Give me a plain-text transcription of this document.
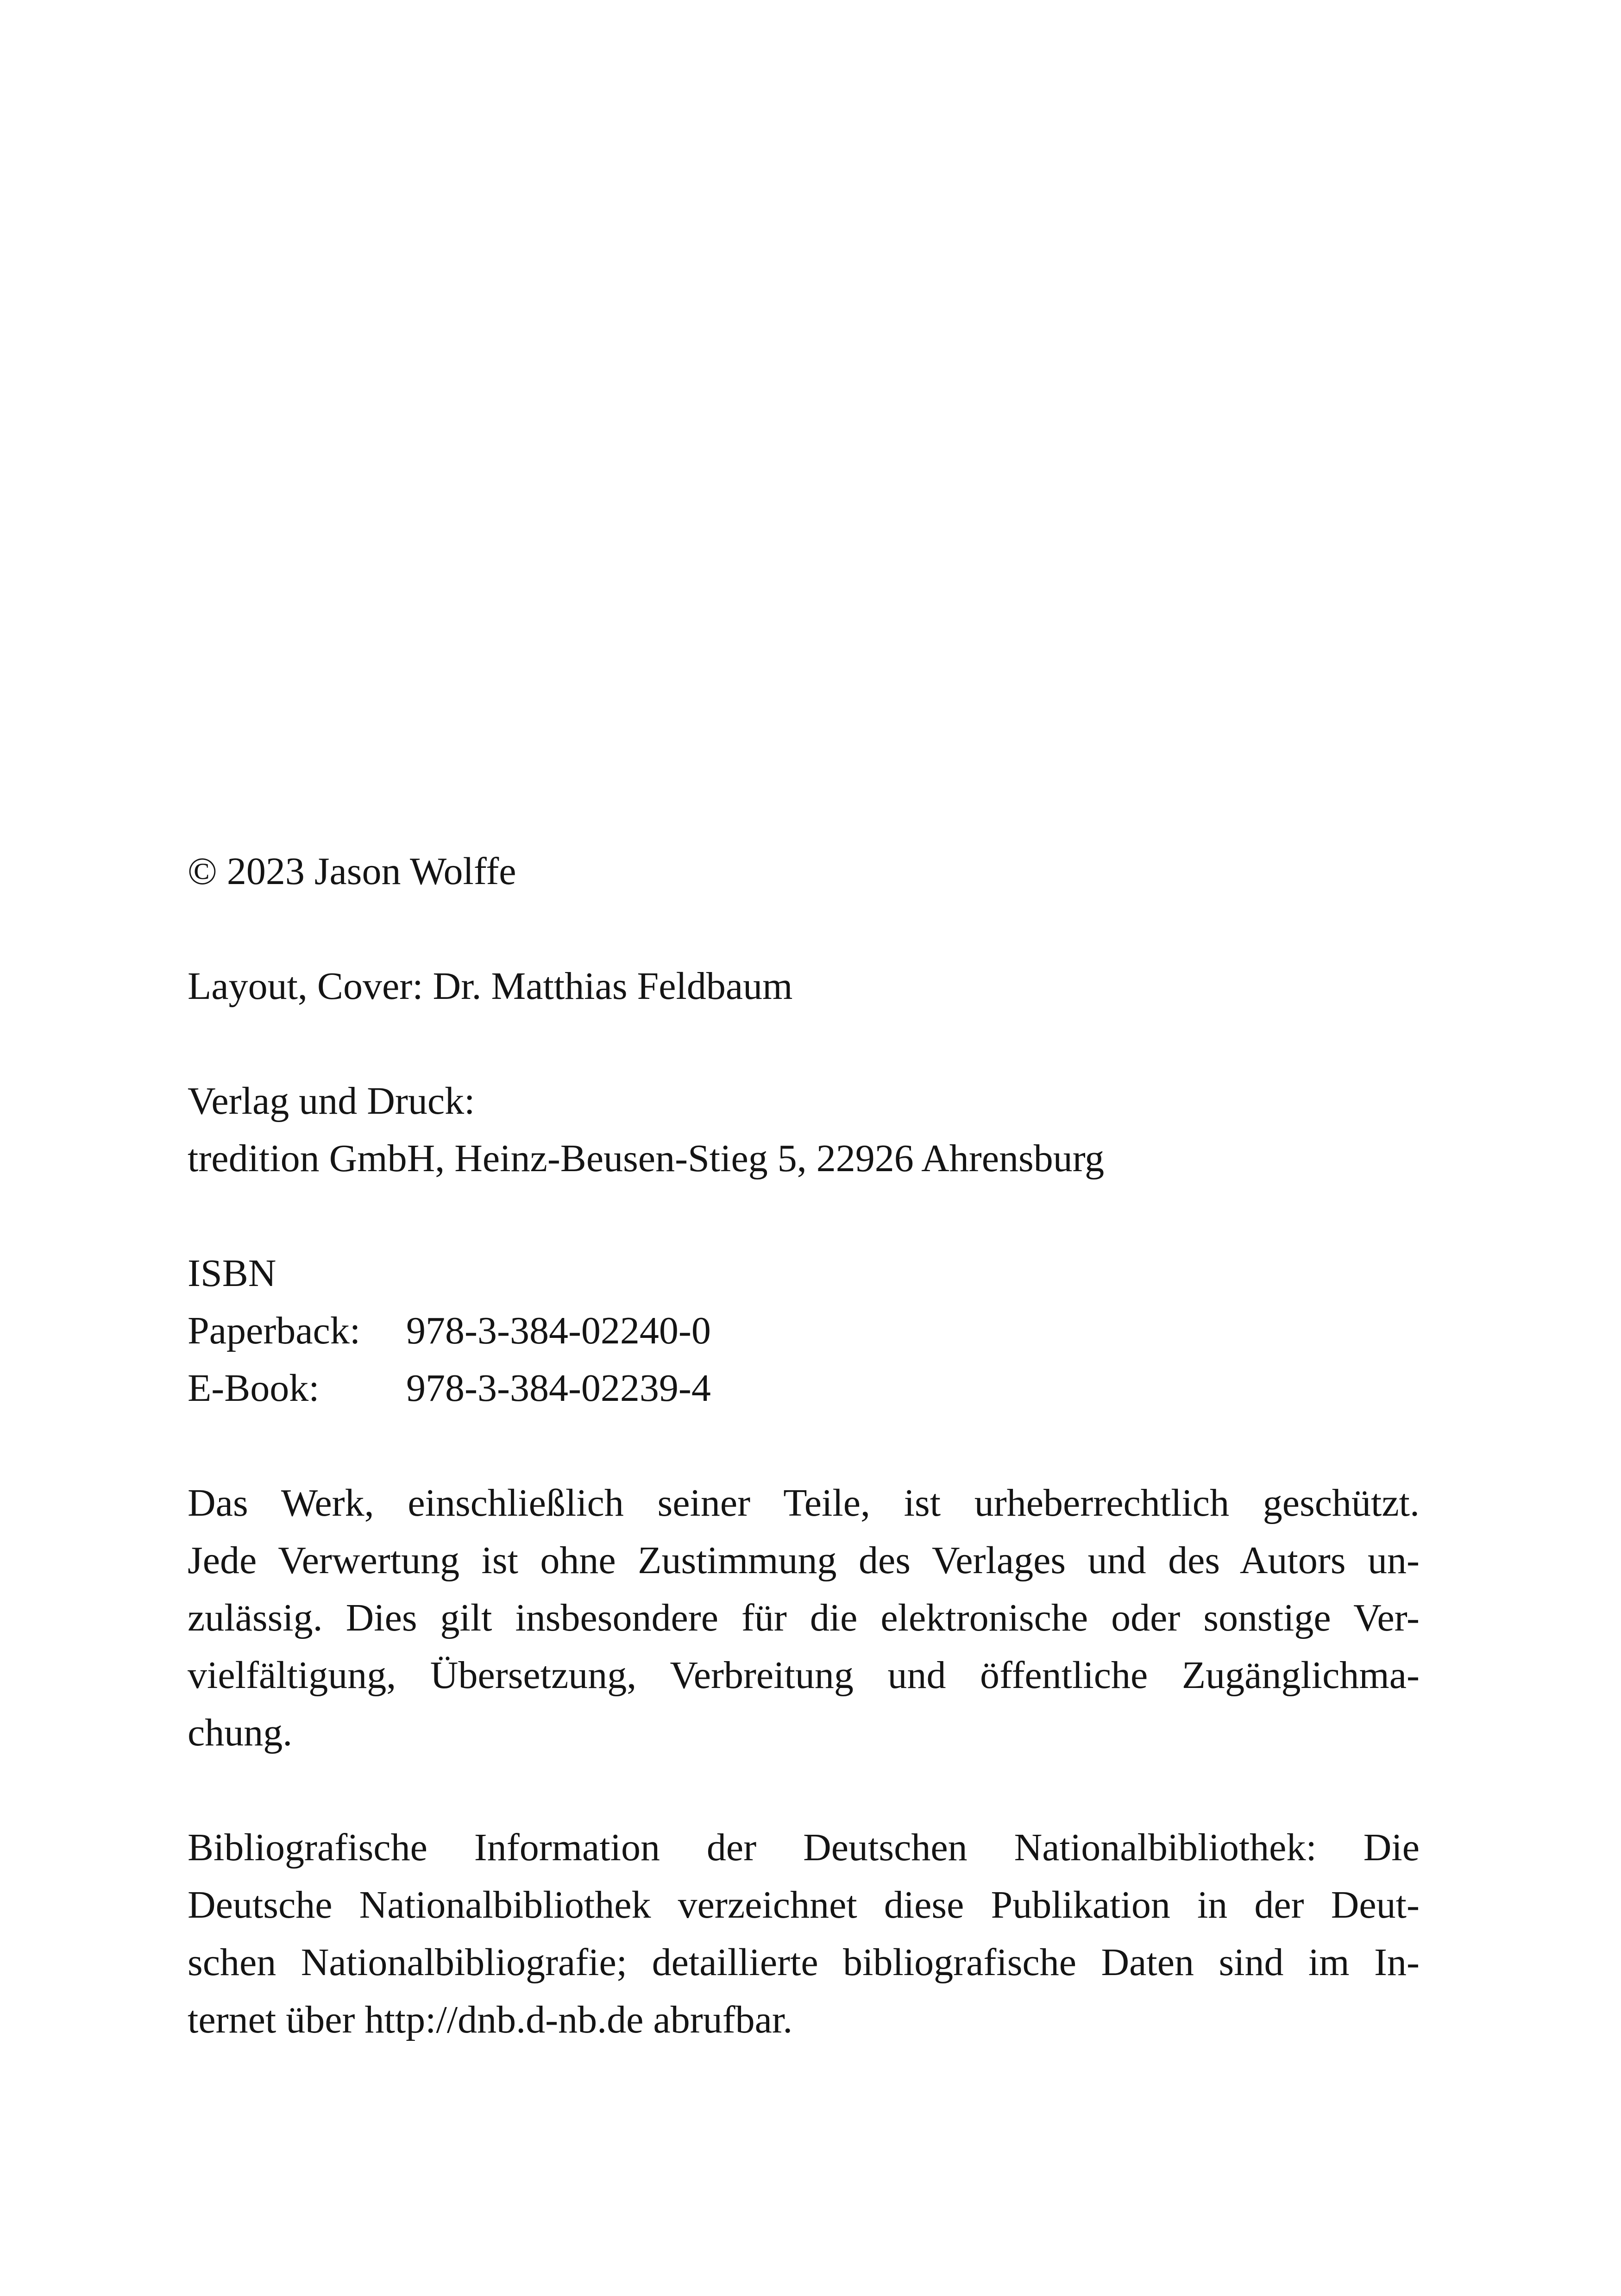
© 2023 Jason Wolffe
Layout, Cover: Dr. Matthias Feldbaum
Verlag und Druck:
tredition GmbH, Heinz-Beusen-Stieg 5, 22926 Ahrensburg
ISBN
Paperback: 978-3-384-02240-0
E-Book: 978-3-384-02239-4
Das Werk, einschließlich seiner Teile, ist urheberrechtlich geschützt.
Jede Verwertung ist ohne Zustimmung des Verlages und des Autors un-
zulässig. Dies gilt insbesondere für die elektronische oder sonstige Ver-
vielfältigung, Übersetzung, Verbreitung und öffentliche Zugänglichma-
chung.
Bibliografische Information der Deutschen Nationalbibliothek: Die
Deutsche Nationalbibliothek verzeichnet diese Publikation in der Deut-
schen Nationalbibliografie; detaillierte bibliografische Daten sind im In-
ternet über http://dnb.d-nb.de abrufbar.
